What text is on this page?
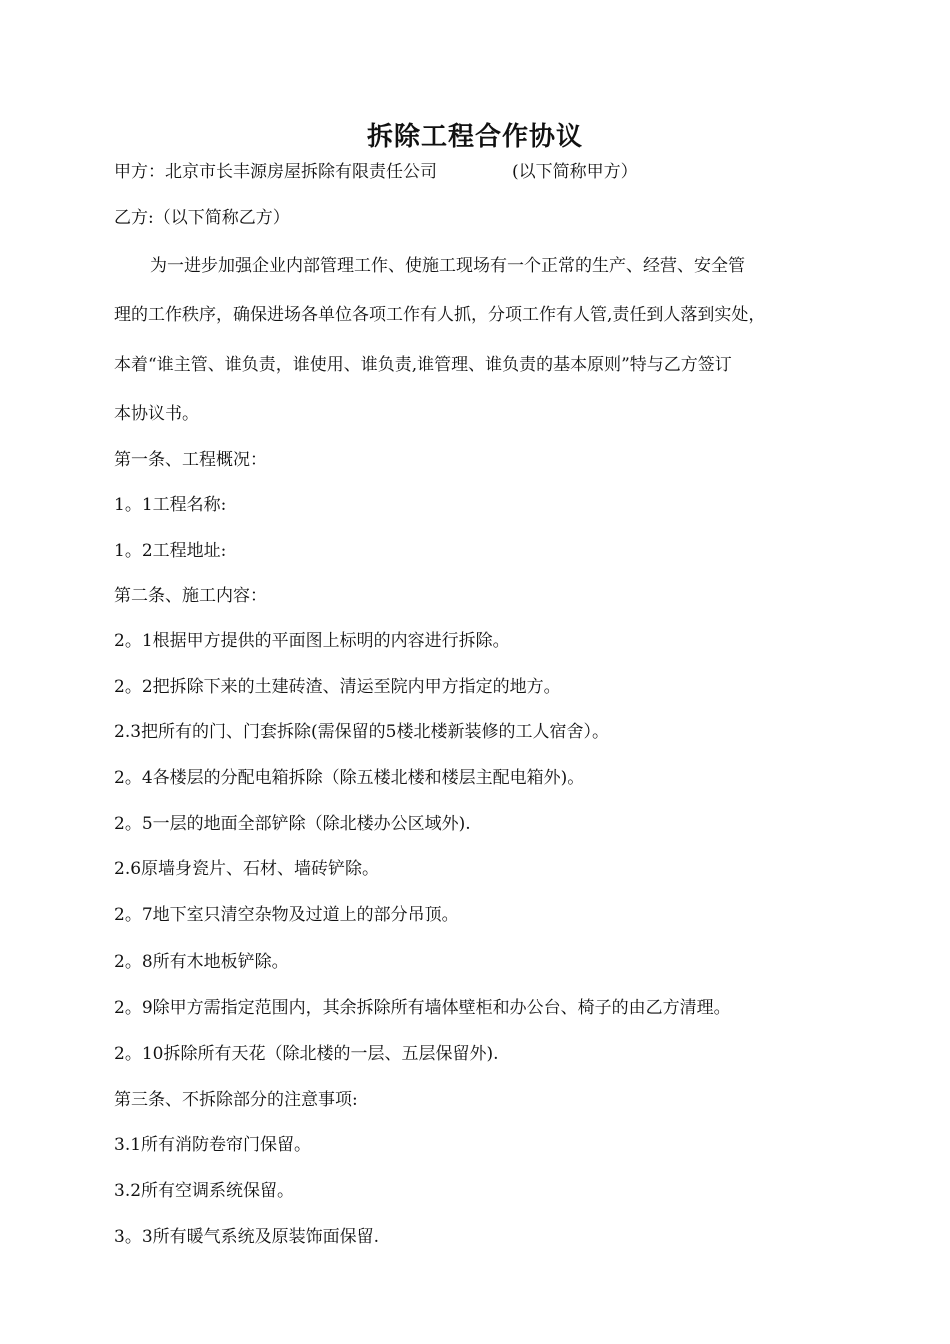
拆除工程合作协议
甲方：北京市长丰源房屋拆除有限责任公司	(以下简称甲方）
乙方:（以下简称乙方）
为一进步加强企业内部管理工作、使施工现场有一个正常的生产、经营、安全管
理的工作秩序，确保进场各单位各项工作有人抓，分项工作有人管,责任到人落到实处，
本着“谁主管、谁负责，谁使用、谁负责,谁管理、谁负责的基本原则”特与乙方签订
本协议书。
第一条、工程概况：
1。1工程名称:
1。2工程地址:
第二条、施工内容：
2。1根据甲方提供的平面图上标明的内容进行拆除。
2。2把拆除下来的土建砖渣、清运至院内甲方指定的地方。
2.3把所有的门、门套拆除(需保留的5楼北楼新装修的工人宿舍）。
2。4各楼层的分配电箱拆除（除五楼北楼和楼层主配电箱外)。
2。5一层的地面全部铲除（除北楼办公区域外).
2.6原墙身瓷片、石材、墙砖铲除。
2。7地下室只清空杂物及过道上的部分吊顶。
2。8所有木地板铲除。
2。9除甲方需指定范围内，其余拆除所有墙体壁柜和办公台、椅子的由乙方清理。
2。10拆除所有天花（除北楼的一层、五层保留外).
第三条、不拆除部分的注意事项:
3.1所有消防卷帘门保留。
3.2所有空调系统保留。
3。3所有暖气系统及原装饰面保留.
